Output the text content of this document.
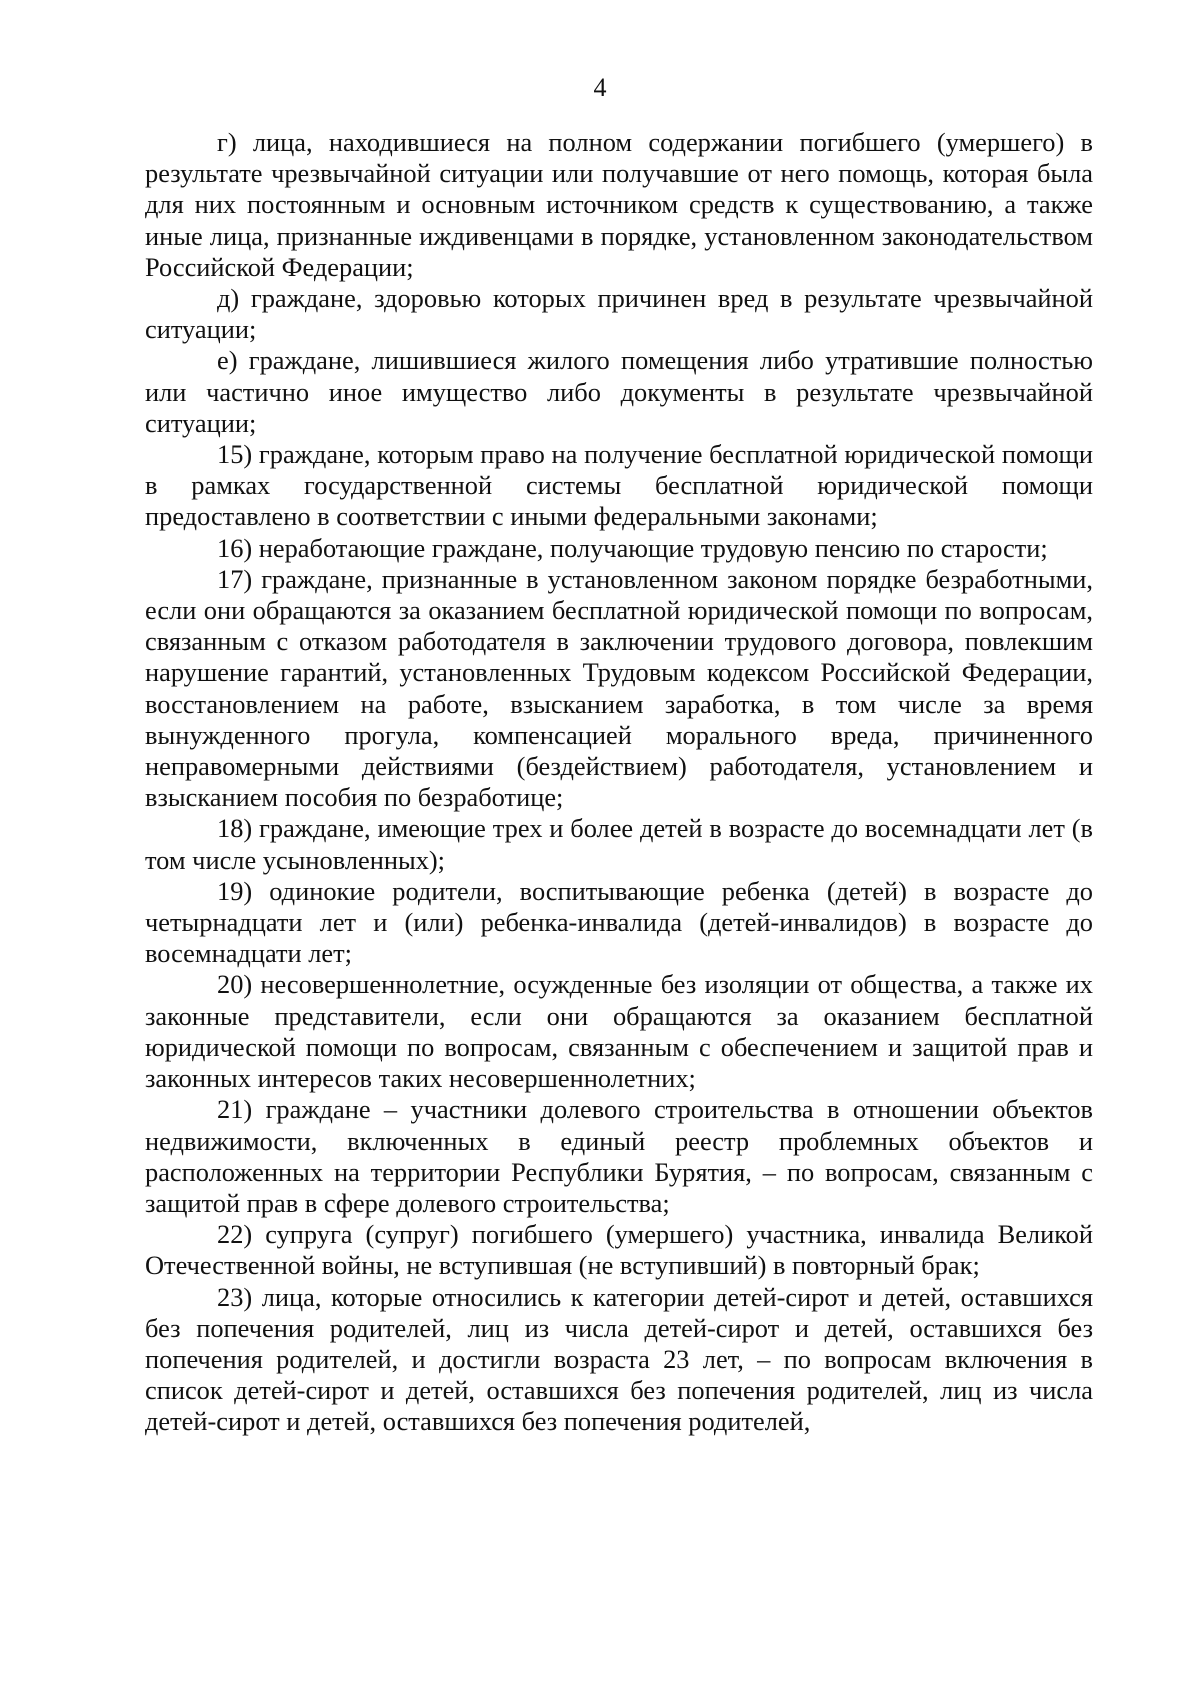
4

г) лица, находившиеся на полном содержании погибшего (умершего) в результате чрезвычайной ситуации или получавшие от него помощь, которая была для них постоянным и основным источником средств к существованию, а также иные лица, признанные иждивенцами в порядке, установленном законодательством Российской Федерации;

д) граждане, здоровью которых причинен вред в результате чрезвычайной ситуации;

е) граждане, лишившиеся жилого помещения либо утратившие полностью или частично иное имущество либо документы в результате чрезвычайной ситуации;

15) граждане, которым право на получение бесплатной юридической помощи в рамках государственной системы бесплатной юридической помощи предоставлено в соответствии с иными федеральными законами;

16) неработающие граждане, получающие трудовую пенсию по старости;

17) граждане, признанные в установленном законом порядке безработными, если они обращаются за оказанием бесплатной юридической помощи по вопросам, связанным с отказом работодателя в заключении трудового договора, повлекшим нарушение гарантий, установленных Трудовым кодексом Российской Федерации, восстановлением на работе, взысканием заработка, в том числе за время вынужденного прогула, компенсацией морального вреда, причиненного неправомерными действиями (бездействием) работодателя, установлением и взысканием пособия по безработице;

18) граждане, имеющие трех и более детей в возрасте до восемнадцати лет (в том числе усыновленных);

19) одинокие родители, воспитывающие ребенка (детей) в возрасте до четырнадцати лет и (или) ребенка-инвалида (детей-инвалидов) в возрасте до восемнадцати лет;

20) несовершеннолетние, осужденные без изоляции от общества, а также их законные представители, если они обращаются за оказанием бесплатной юридической помощи по вопросам, связанным с обеспечением и защитой прав и законных интересов таких несовершеннолетних;

21) граждане – участники долевого строительства в отношении объектов недвижимости, включенных в единый реестр проблемных объектов и расположенных на территории Республики Бурятия, – по вопросам, связанным с защитой прав в сфере долевого строительства;

22) супруга (супруг) погибшего (умершего) участника, инвалида Великой Отечественной войны, не вступившая (не вступивший) в повторный брак;

23) лица, которые относились к категории детей-сирот и детей, оставшихся без попечения родителей, лиц из числа детей-сирот и детей, оставшихся без попечения родителей, и достигли возраста 23 лет, – по вопросам включения в список детей-сирот и детей, оставшихся без попечения родителей, лиц из числа детей-сирот и детей, оставшихся без попечения родителей,
